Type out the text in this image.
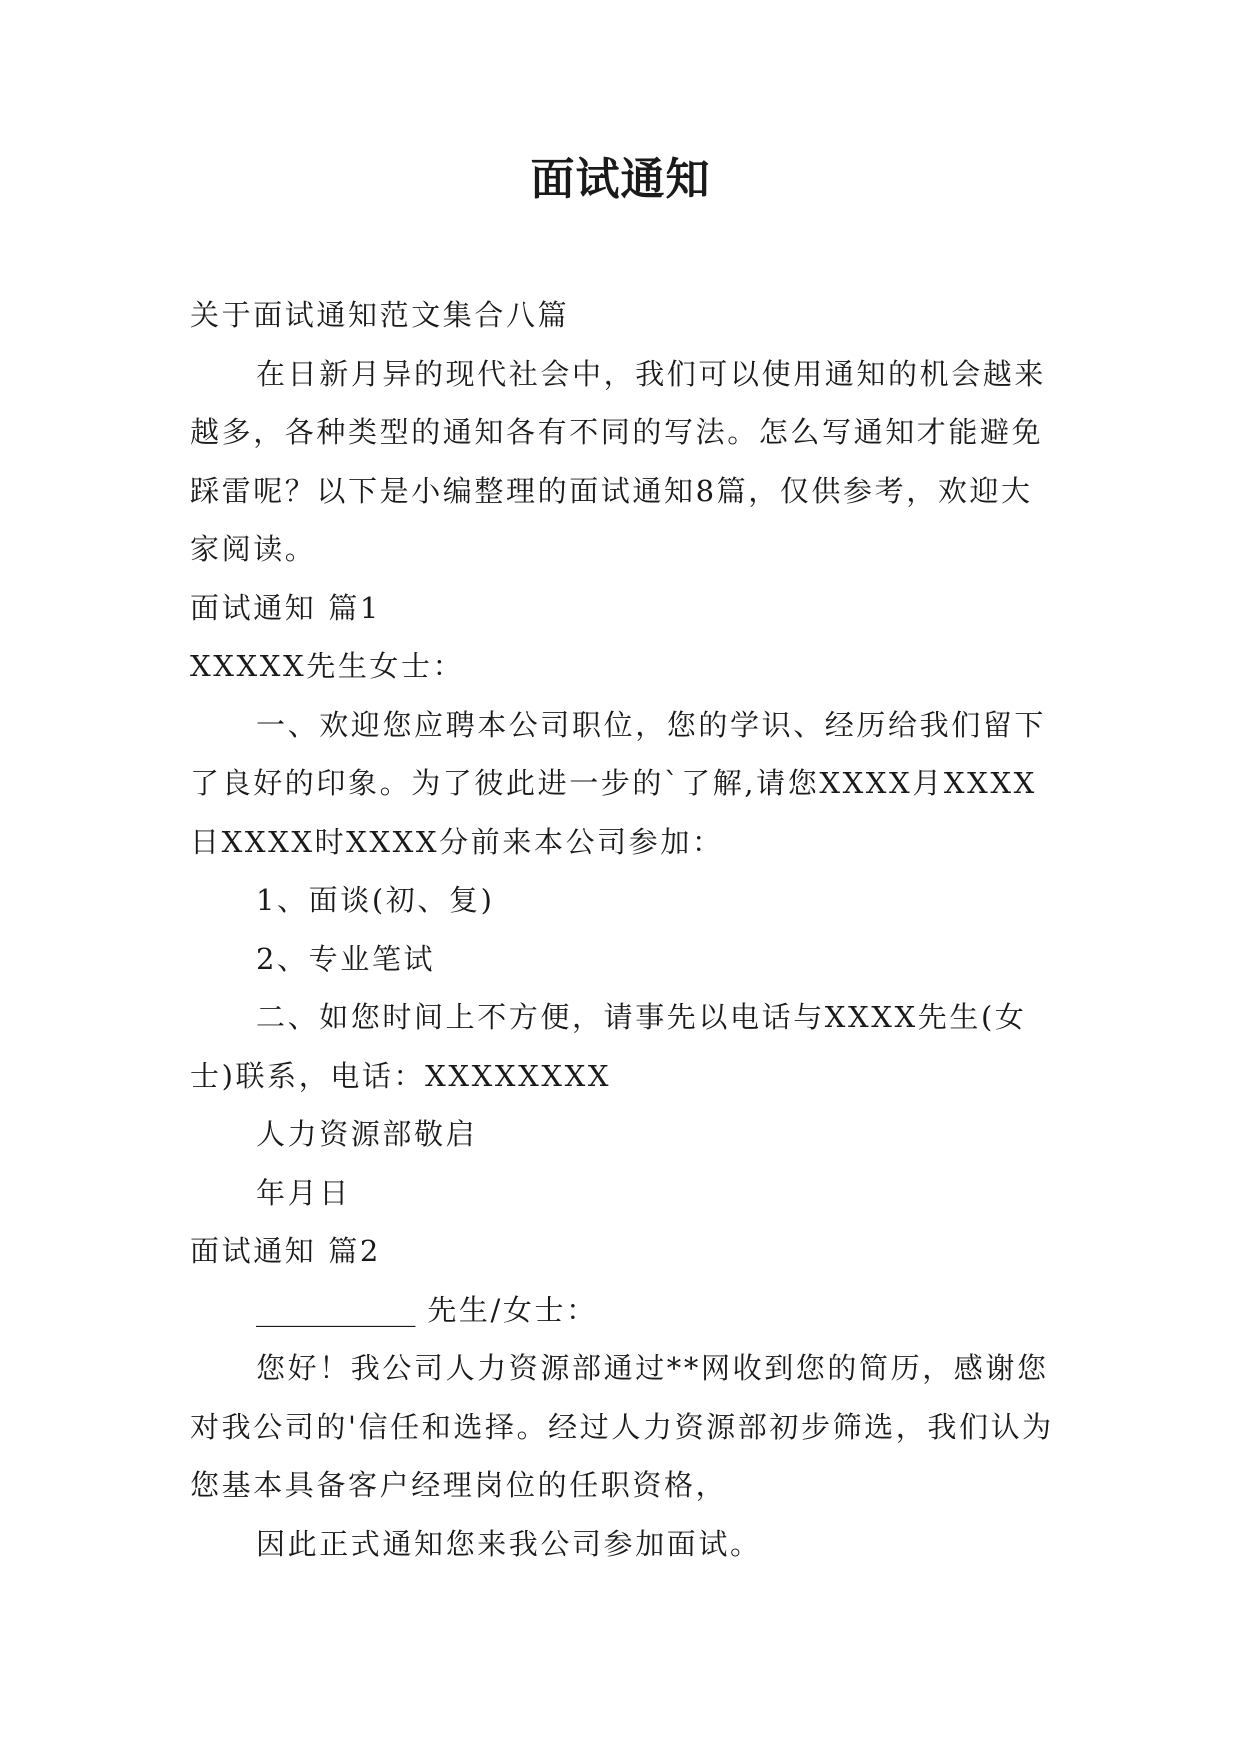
面试通知

关于面试通知范文集合八篇

在日新月异的现代社会中，我们可以使用通知的机会越来越多，各种类型的通知各有不同的写法。怎么写通知才能避免踩雷呢？以下是小编整理的面试通知8篇，仅供参考，欢迎大家阅读。

面试通知 篇1

XXXXX先生女士：

一、欢迎您应聘本公司职位，您的学识、经历给我们留下了良好的印象。为了彼此进一步的`了解,请您XXXX月XXXX日XXXX时XXXX分前来本公司参加：

1、面谈(初、复)

2、专业笔试

二、如您时间上不方便，请事先以电话与XXXX先生(女士)联系，电话：XXXXXXXX

人力资源部敬启

年月日

面试通知 篇2

___________ 先生/女士：

您好！我公司人力资源部通过**网收到您的简历，感谢您对我公司的'信任和选择。经过人力资源部初步筛选，我们认为您基本具备客户经理岗位的任职资格，

因此正式通知您来我公司参加面试。
